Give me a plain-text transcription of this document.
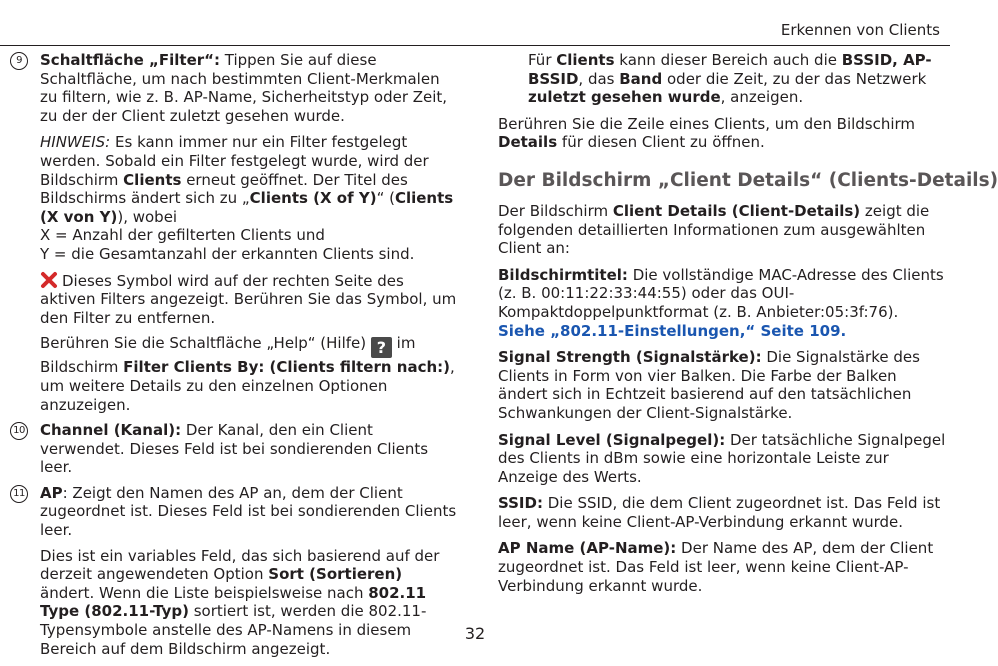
Erkennen von Clients
9	Schaltfläche „Filter“: Tippen Sie auf diese Schaltfläche, um nach bestimmten Client-Merkmalen zu filtern, wie z. B. AP-Name, Sicherheitstyp oder Zeit, zu der der Client zuletzt gesehen wurde.

HINWEIS: Es kann immer nur ein Filter festgelegt werden. Sobald ein Filter festgelegt wurde, wird der Bildschirm Clients erneut geöffnet. Der Titel des Bildschirms ändert sich zu „Clients (X of Y)“ (Clients (X von Y)), wobei
X = Anzahl der gefilterten Clients und
Y = die Gesamtanzahl der erkannten Clients sind.

Dieses Symbol wird auf der rechten Seite des aktiven Filters angezeigt. Berühren Sie das Symbol, um den Filter zu entfernen.

Berühren Sie die Schaltfläche „Help“ (Hilfe) ? im Bildschirm Filter Clients By: (Clients filtern nach:), um weitere Details zu den einzelnen Optionen anzuzeigen.

10 Channel (Kanal): Der Kanal, den ein Client verwendet. Dieses Feld ist bei sondierenden Clients leer.

11 AP: Zeigt den Namen des AP an, dem der Client zugeordnet ist. Dieses Feld ist bei sondierenden Clients leer.

Dies ist ein variables Feld, das sich basierend auf der derzeit angewendeten Option Sort (Sortieren) ändert. Wenn die Liste beispielsweise nach 802.11 Type (802.11-Typ) sortiert ist, werden die 802.11-Typensymbole anstelle des AP-Namens in diesem Bereich auf dem Bildschirm angezeigt.

Für Clients kann dieser Bereich auch die BSSID, AP-BSSID, das Band oder die Zeit, zu der das Netzwerk zuletzt gesehen wurde, anzeigen.

Berühren Sie die Zeile eines Clients, um den Bildschirm Details für diesen Client zu öffnen.

Der Bildschirm „Client Details“ (Clients-Details)

Der Bildschirm Client Details (Client-Details) zeigt die folgenden detaillierten Informationen zum ausgewählten Client an:

Bildschirmtitel: Die vollständige MAC-Adresse des Clients (z. B. 00:11:22:33:44:55) oder das OUI-Kompaktdoppelpunktformat (z. B. Anbieter:05:3f:76). Siehe „802.11-Einstellungen,“ Seite 109.

Signal Strength (Signalstärke): Die Signalstärke des Clients in Form von vier Balken. Die Farbe der Balken ändert sich in Echtzeit basierend auf den tatsächlichen Schwankungen der Client-Signalstärke.

Signal Level (Signalpegel): Der tatsächliche Signalpegel des Clients in dBm sowie eine horizontale Leiste zur Anzeige des Werts.

SSID: Die SSID, die dem Client zugeordnet ist. Das Feld ist leer, wenn keine Client-AP-Verbindung erkannt wurde.

AP Name (AP-Name): Der Name des AP, dem der Client zugeordnet ist. Das Feld ist leer, wenn keine Client-AP-Verbindung erkannt wurde.

32
